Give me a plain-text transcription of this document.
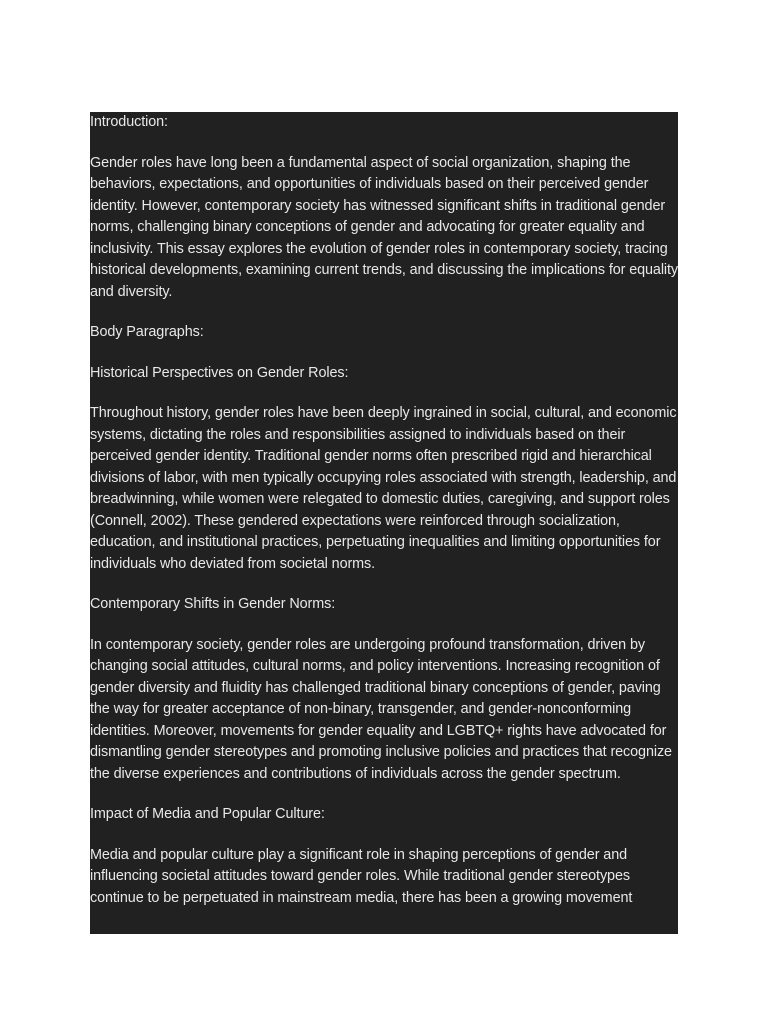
Introduction:

Gender roles have long been a fundamental aspect of social organization, shaping the behaviors, expectations, and opportunities of individuals based on their perceived gender identity. However, contemporary society has witnessed significant shifts in traditional gender norms, challenging binary conceptions of gender and advocating for greater equality and inclusivity. This essay explores the evolution of gender roles in contemporary society, tracing historical developments, examining current trends, and discussing the implications for equality and diversity.

Body Paragraphs:

Historical Perspectives on Gender Roles:

Throughout history, gender roles have been deeply ingrained in social, cultural, and economic systems, dictating the roles and responsibilities assigned to individuals based on their perceived gender identity. Traditional gender norms often prescribed rigid and hierarchical divisions of labor, with men typically occupying roles associated with strength, leadership, and breadwinning, while women were relegated to domestic duties, caregiving, and support roles (Connell, 2002). These gendered expectations were reinforced through socialization, education, and institutional practices, perpetuating inequalities and limiting opportunities for individuals who deviated from societal norms.

Contemporary Shifts in Gender Norms:

In contemporary society, gender roles are undergoing profound transformation, driven by changing social attitudes, cultural norms, and policy interventions. Increasing recognition of gender diversity and fluidity has challenged traditional binary conceptions of gender, paving the way for greater acceptance of non-binary, transgender, and gender-nonconforming identities. Moreover, movements for gender equality and LGBTQ+ rights have advocated for dismantling gender stereotypes and promoting inclusive policies and practices that recognize the diverse experiences and contributions of individuals across the gender spectrum.

Impact of Media and Popular Culture:

Media and popular culture play a significant role in shaping perceptions of gender and influencing societal attitudes toward gender roles. While traditional gender stereotypes continue to be perpetuated in mainstream media, there has been a growing movement
